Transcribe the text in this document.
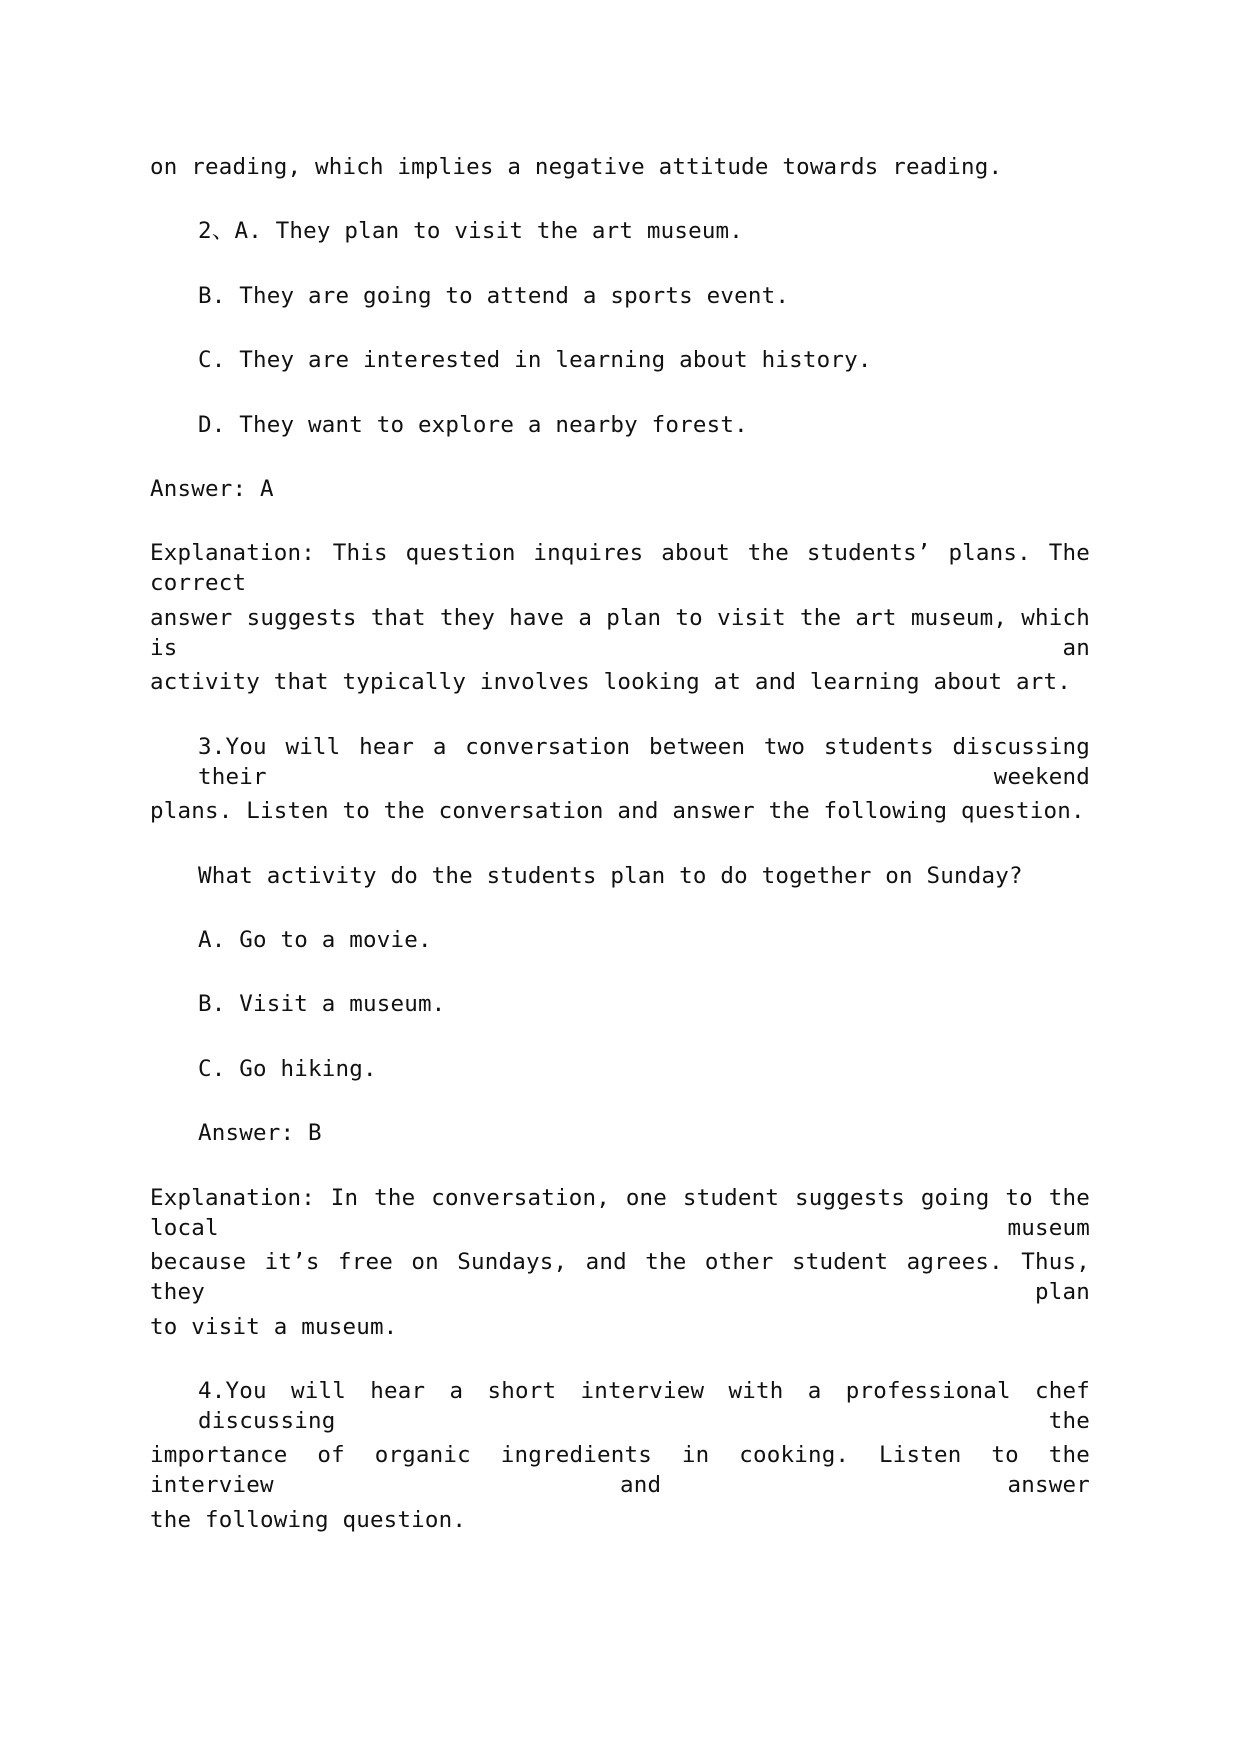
on reading, which implies a negative attitude towards reading.
2、A. They plan to visit the art museum.
B. They are going to attend a sports event.
C. They are interested in learning about history.
D. They want to explore a nearby forest.
Answer: A
Explanation: This question inquires about the students’ plans. The correct
answer suggests that they have a plan to visit the art museum, which is an
activity that typically involves looking at and learning about art.
3.You will hear a conversation between two students discussing their weekend
plans. Listen to the conversation and answer the following question.
What activity do the students plan to do together on Sunday?
A. Go to a movie.
B. Visit a museum.
C. Go hiking.
Answer: B
Explanation: In the conversation, one student suggests going to the local museum
because it’s free on Sundays, and the other student agrees. Thus, they plan
to visit a museum.
4.You will hear a short interview with a professional chef discussing the
importance of organic ingredients in cooking. Listen to the interview and answer
the following question.
